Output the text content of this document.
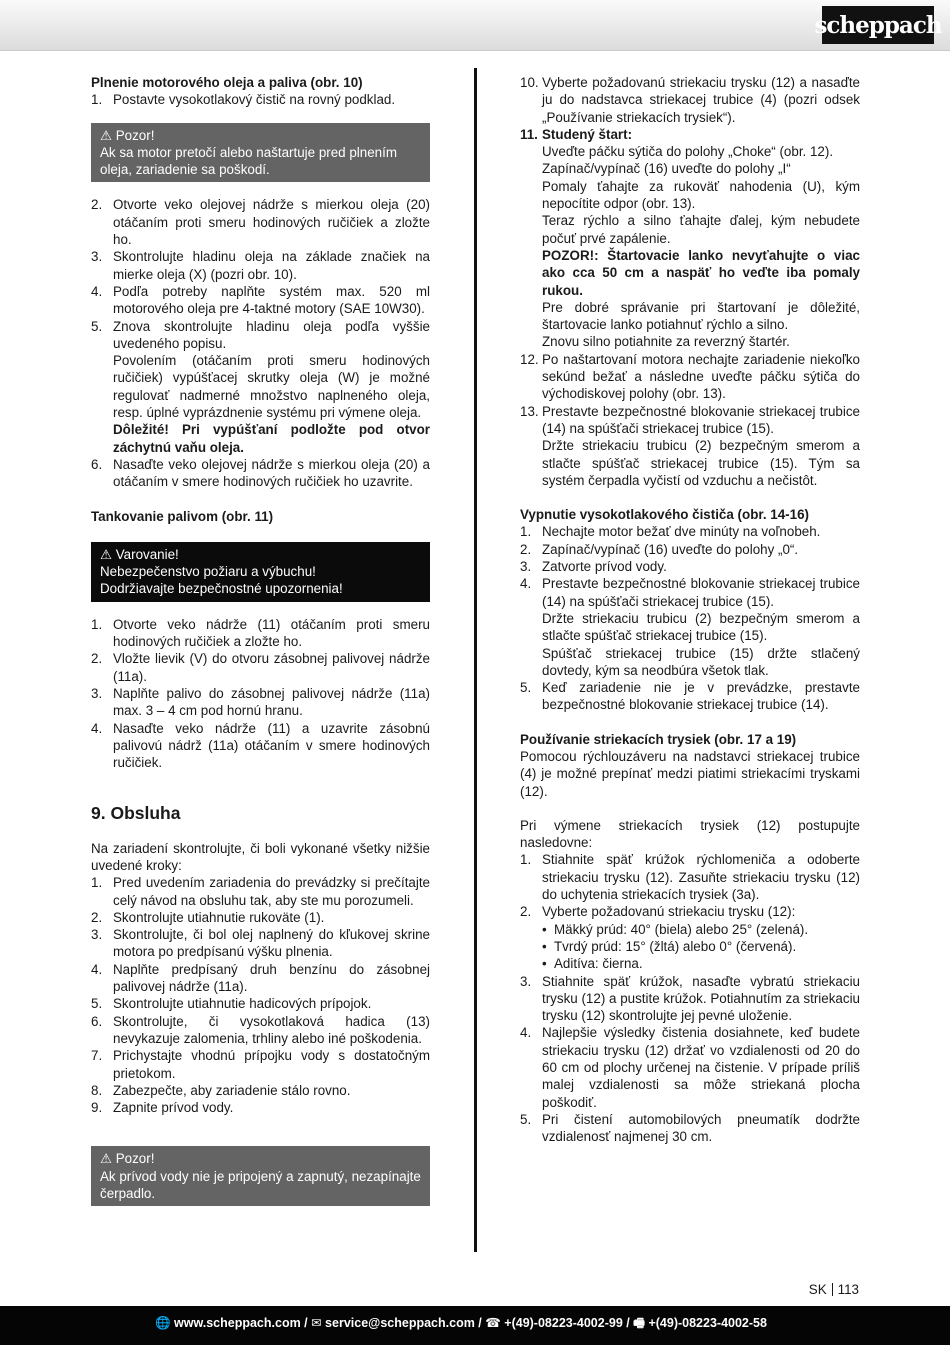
scheppach

Plnenie motorového oleja a paliva (obr. 10)

1. Postavte vysokotlakový čistič na rovný podklad.
⚠ Pozor!
Ak sa motor pretočí alebo naštartuje pred plnením oleja, zariadenie sa poškodí.
2. Otvorte veko olejovej nádrže s mierkou oleja (20) otáčaním proti smeru hodinových ručičiek a zložte ho.
3. Skontrolujte hladinu oleja na základe značiek na mierke oleja (X) (pozri obr. 10).
4. Podľa potreby naplňte systém max. 520 ml motorového oleja pre 4-taktné motory (SAE 10W30).
5. Znova skontrolujte hladinu oleja podľa vyššie uvedeného popisu.
Povolením (otáčaním proti smeru hodinových ručičiek) vypúšťacej skrutky oleja (W) je možné regulovať nadmerné množstvo naplneného oleja, resp. úplné vyprázdnenie systému pri výmene oleja.
Dôležité! Pri vypúšťaní podložte pod otvor záchytnú vaňu oleja.
6. Nasaďte veko olejovej nádrže s mierkou oleja (20) a otáčaním v smere hodinových ručičiek ho uzavrite.

Tankovanie palivom (obr. 11)

⚠ Varovanie!
Nebezpečenstvo požiaru a výbuchu!
Dodržiavajte bezpečnostné upozornenia!
1. Otvorte veko nádrže (11) otáčaním proti smeru hodinových ručičiek a zložte ho.
2. Vložte lievik (V) do otvoru zásobnej palivovej nádrže (11a).
3. Naplňte palivo do zásobnej palivovej nádrže (11a) max. 3 – 4 cm pod hornú hranu.
4. Nasaďte veko nádrže (11) a uzavrite zásobnú palivovú nádrž (11a) otáčaním v smere hodinových ručičiek.

9. Obsluha

Na zariadení skontrolujte, či boli vykonané všetky nižšie uvedené kroky:
1. Pred uvedením zariadenia do prevádzky si prečítajte celý návod na obsluhu tak, aby ste mu porozumeli.
2. Skontrolujte utiahnutie rukoväte (1).
3. Skontrolujte, či bol olej naplnený do kľukovej skrine motora po predpísanú výšku plnenia.
4. Naplňte predpísaný druh benzínu do zásobnej palivovej nádrže (11a).
5. Skontrolujte utiahnutie hadicových prípojok.
6. Skontrolujte, či vysokotlaková hadica (13) nevykazuje zalomenia, trhliny alebo iné poškodenia.
7. Prichystajte vhodnú prípojku vody s dostatočným prietokom.
8. Zabezpečte, aby zariadenie stálo rovno.
9. Zapnite prívod vody.
⚠ Pozor!
Ak prívod vody nie je pripojený a zapnutý, nezapínajte čerpadlo.
10. Vyberte požadovanú striekaciu trysku (12) a nasaďte ju do nadstavca striekacej trubice (4) (pozri odsek „Používanie striekacích trysiek“).
11. Studený štart:
Uveďte páčku sýtiča do polohy „Choke“ (obr. 12).
Zapínač/vypínač (16) uveďte do polohy „I“
Pomaly ťahajte za rukoväť nahodenia (U), kým nepocítite odpor (obr. 13).
Teraz rýchlo a silno ťahajte ďalej, kým nebudete počuť prvé zapálenie.
POZOR!: Štartovacie lanko nevyťahujte o viac ako cca 50 cm a naspäť ho veďte iba pomaly rukou.
Pre dobré správanie pri štartovaní je dôležité, štartovacie lanko potiahnuť rýchlo a silno.
Znovu silno potiahnite za reverzný štartér.
12. Po naštartovaní motora nechajte zariadenie niekoľko sekúnd bežať a následne uveďte páčku sýtiča do východiskovej polohy (obr. 13).
13. Prestavte bezpečnostné blokovanie striekacej trubice (14) na spúšťači striekacej trubice (15).
Držte striekaciu trubicu (2) bezpečným smerom a stlačte spúšťač striekacej trubice (15). Tým sa systém čerpadla vyčistí od vzduchu a nečistôt.

Vypnutie vysokotlakového čističa (obr. 14-16)

1. Nechajte motor bežať dve minúty na voľnobeh.
2. Zapínač/vypínač (16) uveďte do polohy „0“.
3. Zatvorte prívod vody.
4. Prestavte bezpečnostné blokovanie striekacej trubice (14) na spúšťači striekacej trubice (15).
Držte striekaciu trubicu (2) bezpečným smerom a stlačte spúšťač striekacej trubice (15).
Spúšťač striekacej trubice (15) držte stlačený dovtedy, kým sa neodbúra všetok tlak.
5. Keď zariadenie nie je v prevádzke, prestavte bezpečnostné blokovanie striekacej trubice (14).

Používanie striekacích trysiek (obr. 17 a 19)

Pomocou rýchlouzáveru na nadstavci striekacej trubice (4) je možné prepínať medzi piatimi striekacími tryskami (12).
Pri výmene striekacích trysiek (12) postupujte nasledovne:
1. Stiahnite späť krúžok rýchlomeniča a odoberte striekaciu trysku (12). Zasuňte striekaciu trysku (12) do uchytenia striekacích trysiek (3a).
2. Vyberte požadovanú striekaciu trysku (12):
• Mäkký prúd: 40° (biela) alebo 25° (zelená).
• Tvrdý prúd: 15° (žltá) alebo 0° (červená).
• Aditíva: čierna.
3. Stiahnite späť krúžok, nasaďte vybratú striekaciu trysku (12) a pustite krúžok. Potiahnutím za striekaciu trysku (12) skontrolujte jej pevné uloženie.
4. Najlepšie výsledky čistenia dosiahnete, keď budete striekaciu trysku (12) držať vo vzdialenosti od 20 do 60 cm od plochy určenej na čistenie. V prípade príliš malej vzdialenosti sa môže striekaná plocha poškodiť.
5. Pri čistení automobilových pneumatík dodržte vzdialenosť najmenej 30 cm.
SK 113
🌐 www.scheppach.com / ✉ service@scheppach.com / ☎ +(49)-08223-4002-99 / 🖷 +(49)-08223-4002-58
